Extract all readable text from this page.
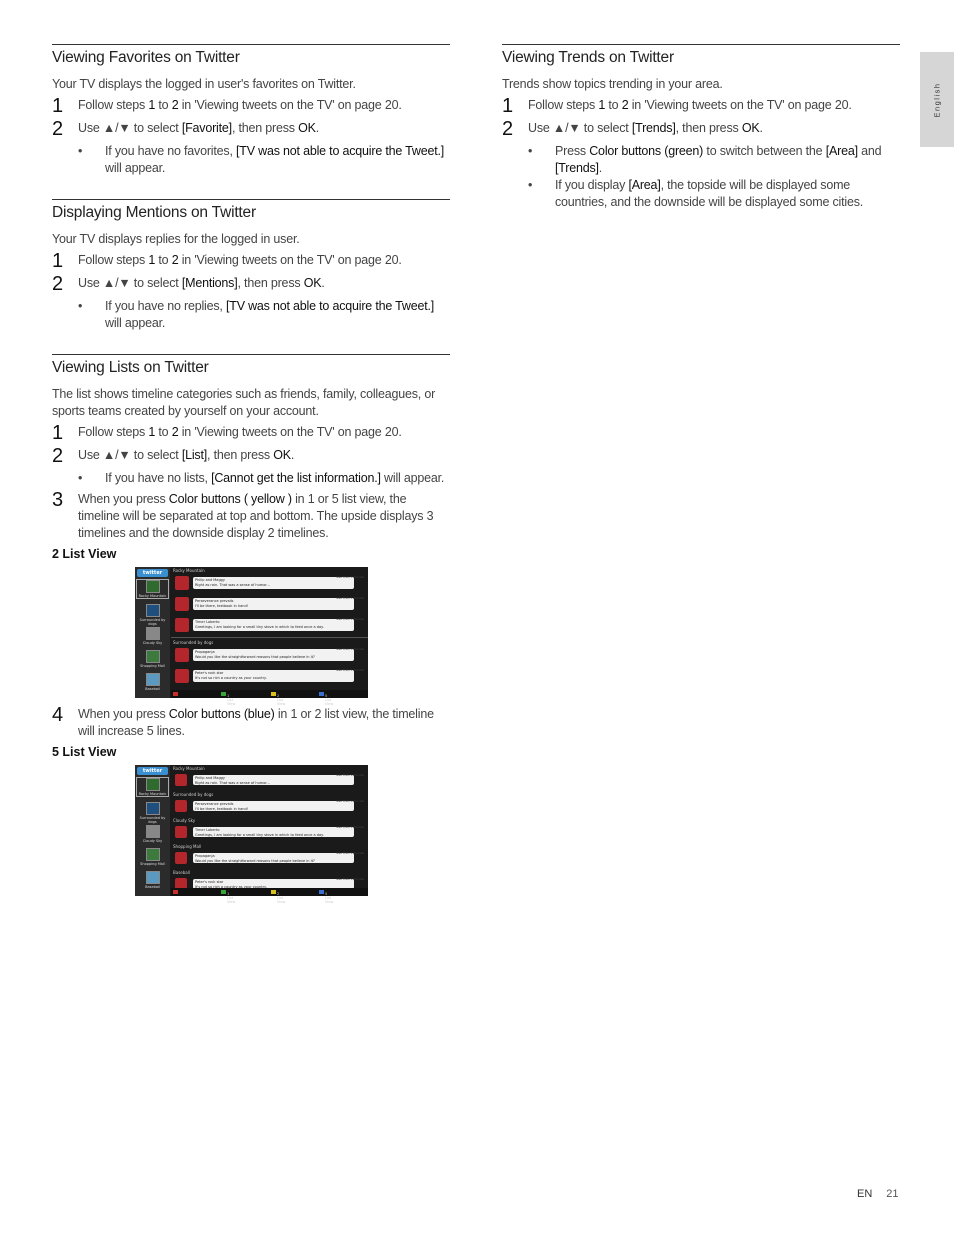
Viewing Favorites on Twitter

Your TV displays the logged in user's favorites on Twitter.

1	Follow steps 1 to 2 in 'Viewing tweets on the TV' on page 20.
2	Use ▲/▼ to select [Favorite], then press OK.
• If you have no favorites, [TV was not able to acquire the Tweet.] will appear.
Displaying Mentions on Twitter

Your TV displays replies for the logged in user.

1	Follow steps 1 to 2 in 'Viewing tweets on the TV' on page 20.
2	Use ▲/▼ to select [Mentions], then press OK.
• If you have no replies, [TV was not able to acquire the Tweet.] will appear.
Viewing Lists on Twitter

The list shows timeline categories such as friends, family, colleagues, or sports teams created by yourself on your account.

1	Follow steps 1 to 2 in 'Viewing tweets on the TV' on page 20.
2	Use ▲/▼ to select [List], then press OK.
• If you have no lists, [Cannot get the list information.] will appear.
3	When you press Color buttons ( yellow ) in 1 or 5 list view, the timeline will be separated at top and bottom. The upside displays 3 timelines and the downside display 2 timelines.
2 List View
twitter
Rocky Mountain
Surrounded by dogs
Cloudy Sky
Shopping Mall
Baseball
Rocky Mountain
Philip and Maggy
Right as rain. That was a sense of humor...
less than 1 minute
Perseverance prevails
I'll be there, textbook in hand!
less than 1 minute
Timer Loberto
Greetings, I am looking for a small tiny stove in which to feed once a day.
less than 1 minute
Surrounded by dogs
Propaganja
Would you like the straightforward reasons that people believe in it?
less than 1 minute
Peter's rock star
It's not so rich a country as your country.
less than 1 minute
1 List View
2 List View
5 List View
4	When you press Color buttons (blue) in 1 or 2 list view, the timeline will increase 5 lines.
5 List View
twitter
Rocky Mountain
Surrounded by dogs
Cloudy Sky
Shopping Mall
Baseball
Rocky Mountain
Philip and Maggy
Right as rain. That was a sense of humor...
less than 1 minute
Surrounded by dogs
Perseverance prevails
I'll be there, textbook in hand!
less than 1 minute
Cloudy Sky
Timer Loberto
Greetings, I am looking for a small tiny stove in which to feed once a day.
less than 1 minute
Shopping Mall
Propaganja
Would you like the straightforward reasons that people believe in it?
less than 1 minute
Baseball
Peter's rock star
It's not so rich a country as your country.
less than 1 minute
1 List View
2 List View
5 List View
Viewing Trends on Twitter

Trends show topics trending in your area.

1	Follow steps 1 to 2 in 'Viewing tweets on the TV' on page 20.
2	Use ▲/▼ to select [Trends], then press OK.
• Press Color buttons (green) to switch between the [Area] and [Trends].
• If you display [Area], the topside will be displayed some countries, and the downside will be displayed some cities.
English
EN 21
